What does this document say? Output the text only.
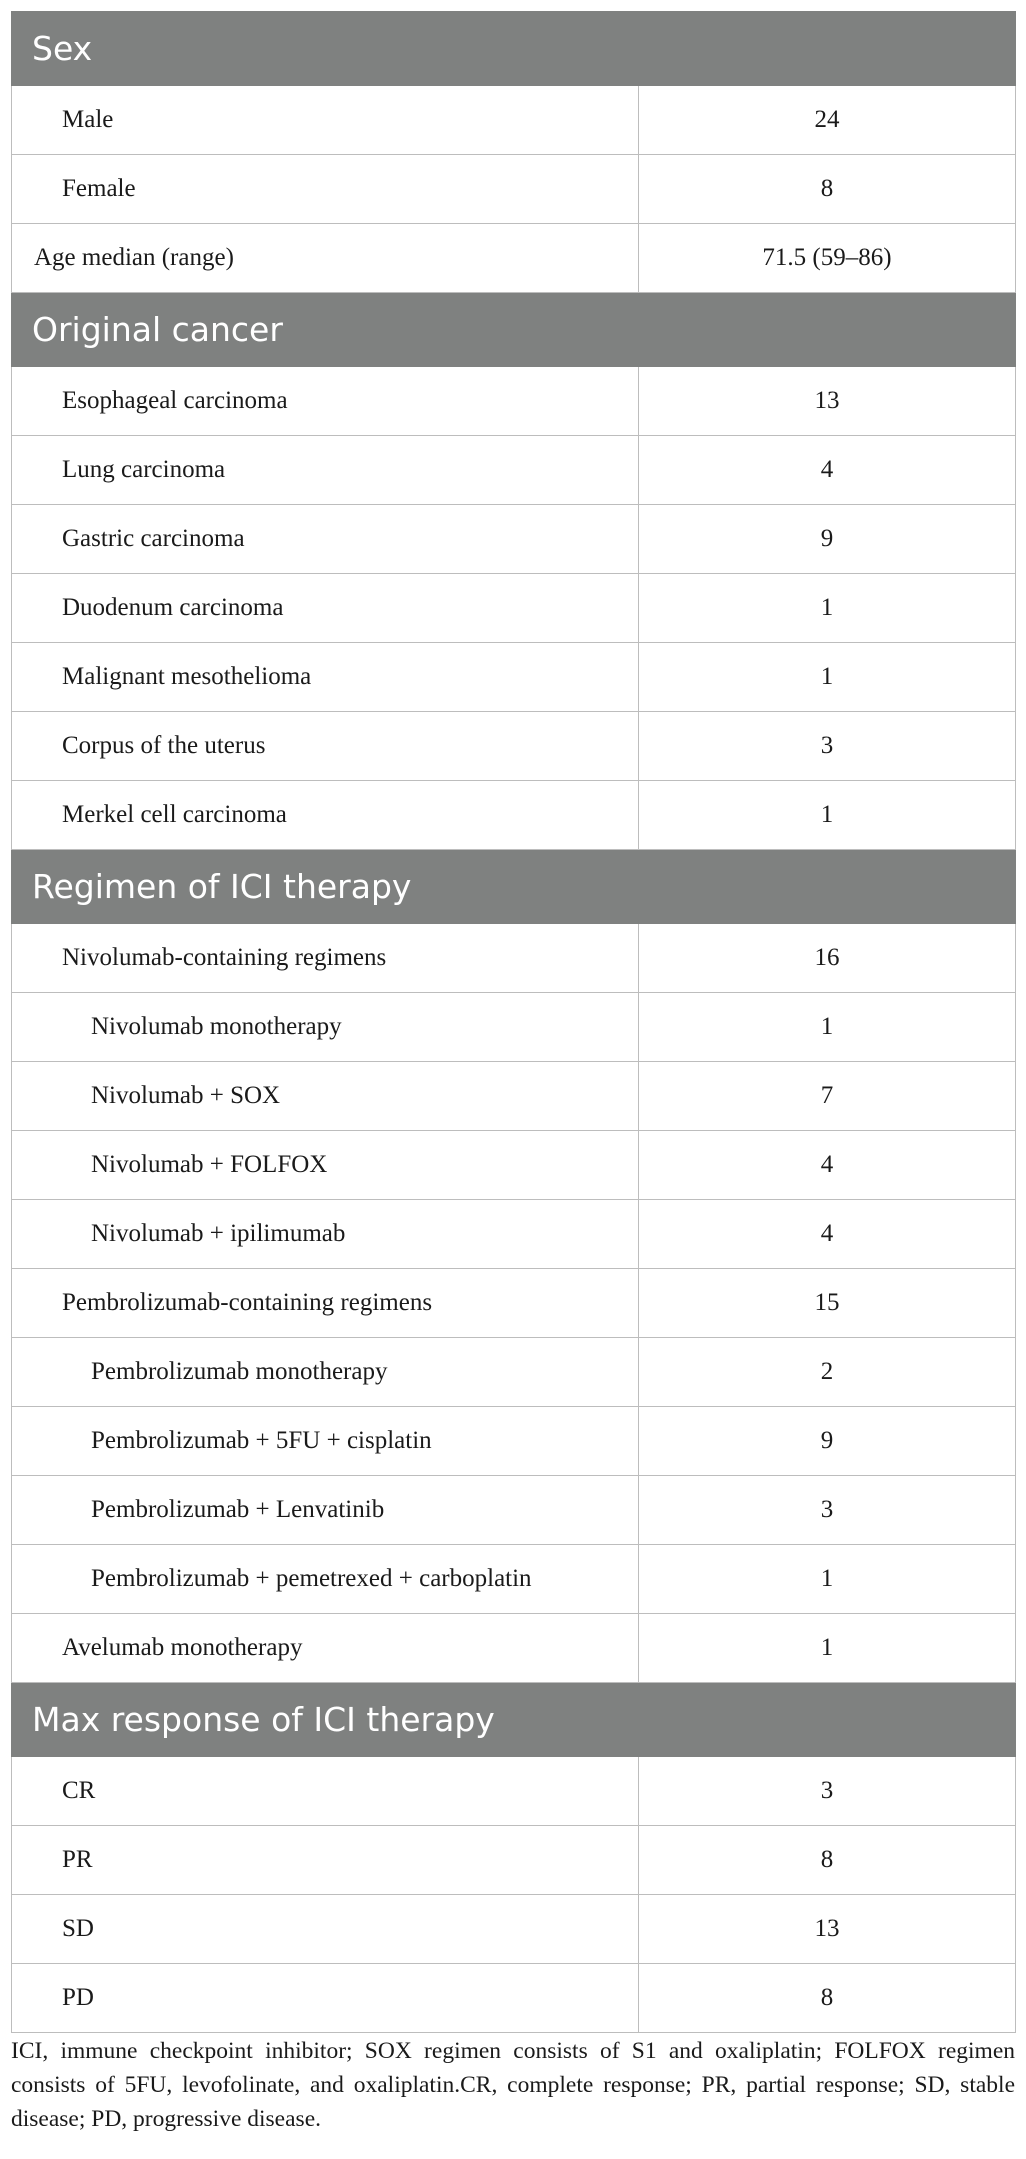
Sex	
Male	24
Female	8
Age median (range)	71.5 (59–86)
Original cancer	
Esophageal carcinoma	13
Lung carcinoma	4
Gastric carcinoma	9
Duodenum carcinoma	1
Malignant mesothelioma	1
Corpus of the uterus	3
Merkel cell carcinoma	1
Regimen of ICI therapy	
Nivolumab-containing regimens	16
Nivolumab monotherapy	1
Nivolumab + SOX	7
Nivolumab + FOLFOX	4
Nivolumab + ipilimumab	4
Pembrolizumab-containing regimens	15
Pembrolizumab monotherapy	2
Pembrolizumab + 5FU + cisplatin	9
Pembrolizumab + Lenvatinib	3
Pembrolizumab + pemetrexed + carboplatin	1
Avelumab monotherapy	1
Max response of ICI therapy	
CR	3
PR	8
SD	13
PD	8
ICI, immune checkpoint inhibitor; SOX regimen consists of S1 and oxaliplatin; FOLFOX regimen consists of 5FU, levofolinate, and oxaliplatin.CR, complete response; PR, partial response; SD, stable disease; PD, progressive disease.
